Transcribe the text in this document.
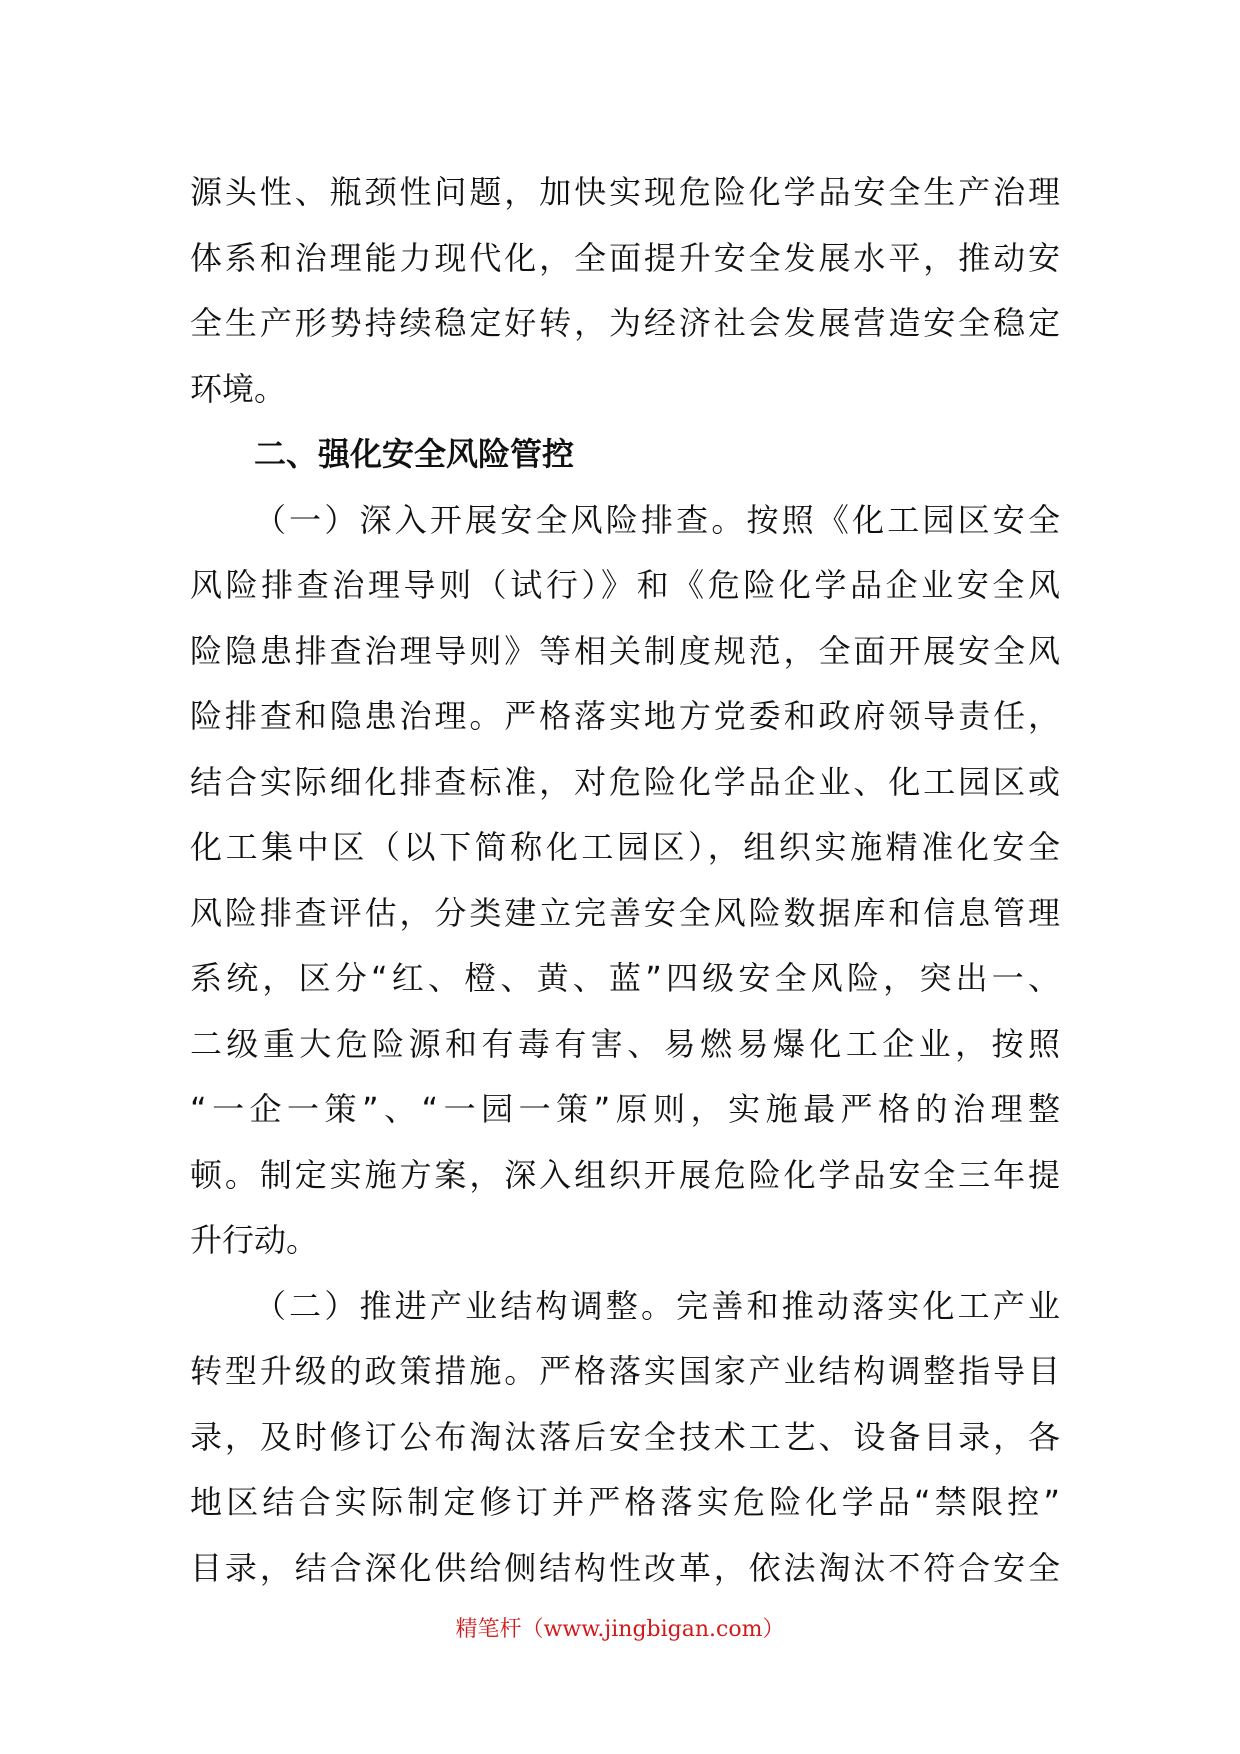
源头性、瓶颈性问题，加快实现危险化学品安全生产治理
体系和治理能力现代化，全面提升安全发展水平，推动安
全生产形势持续稳定好转，为经济社会发展营造安全稳定
环境。
二、强化安全风险管控
（一）深入开展安全风险排查。按照《化工园区安全
风险排查治理导则（试行）》和《危险化学品企业安全风
险隐患排查治理导则》等相关制度规范，全面开展安全风
险排查和隐患治理。严格落实地方党委和政府领导责任，
结合实际细化排查标准，对危险化学品企业、化工园区或
化工集中区（以下简称化工园区），组织实施精准化安全
风险排查评估，分类建立完善安全风险数据库和信息管理
系统，区分“红、橙、黄、蓝”四级安全风险，突出一、
二级重大危险源和有毒有害、易燃易爆化工企业，按照
“一企一策”、“一园一策”原则，实施最严格的治理整
顿。制定实施方案，深入组织开展危险化学品安全三年提
升行动。
（二）推进产业结构调整。完善和推动落实化工产业
转型升级的政策措施。严格落实国家产业结构调整指导目
录，及时修订公布淘汰落后安全技术工艺、设备目录，各
地区结合实际制定修订并严格落实危险化学品“禁限控”
目录，结合深化供给侧结构性改革，依法淘汰不符合安全
精笔杆（www.jingbigan.com）
